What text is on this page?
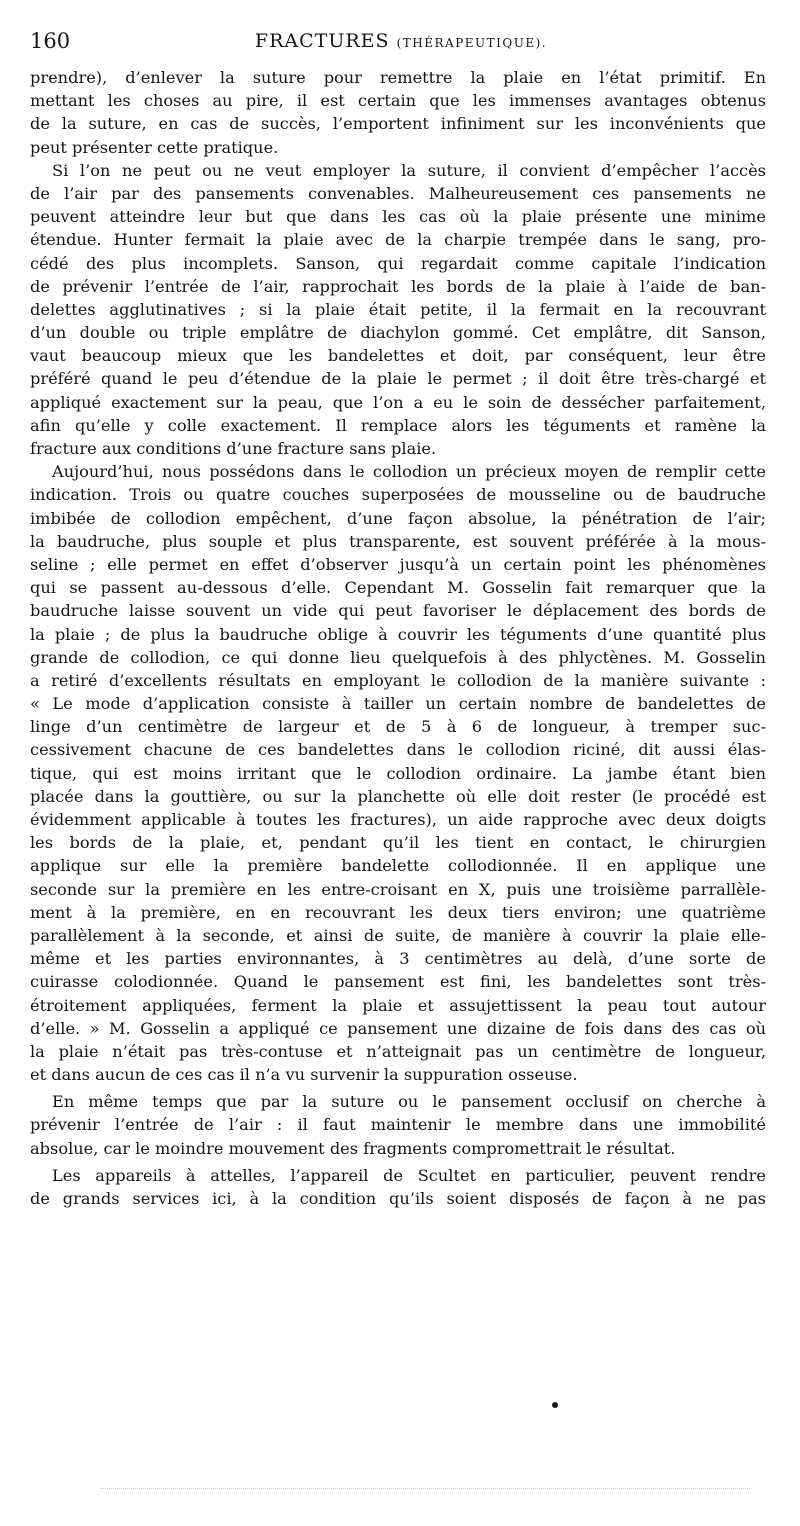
160	FRACTURES (THÉRAPEUTIQUE).
prendre), d’enlever la suture pour remettre la plaie en l’état primitif. En
mettant les choses au pire, il est certain que les immenses avantages obtenus
de la suture, en cas de succès, l’emportent infiniment sur les inconvénients que
peut présenter cette pratique.
Si l’on ne peut ou ne veut employer la suture, il convient d’empêcher l’accès
de l’air par des pansements convenables. Malheureusement ces pansements ne
peuvent atteindre leur but que dans les cas où la plaie présente une minime
étendue. Hunter fermait la plaie avec de la charpie trempée dans le sang, pro-
cédé des plus incomplets. Sanson, qui regardait comme capitale l’indication
de prévenir l’entrée de l’air, rapprochait les bords de la plaie à l’aide de ban-
delettes agglutinatives ; si la plaie était petite, il la fermait en la recouvrant
d’un double ou triple emplâtre de diachylon gommé. Cet emplâtre, dit Sanson,
vaut beaucoup mieux que les bandelettes et doit, par conséquent, leur être
préféré quand le peu d’étendue de la plaie le permet ; il doit être très-chargé et
appliqué exactement sur la peau, que l’on a eu le soin de dessécher parfaitement,
afin qu’elle y colle exactement. Il remplace alors les téguments et ramène la
fracture aux conditions d’une fracture sans plaie.
Aujourd’hui, nous possédons dans le collodion un précieux moyen de remplir cette
indication. Trois ou quatre couches superposées de mousseline ou de baudruche
imbibée de collodion empêchent, d’une façon absolue, la pénétration de l’air;
la baudruche, plus souple et plus transparente, est souvent préférée à la mous-
seline ; elle permet en effet d’observer jusqu’à un certain point les phénomènes
qui se passent au-dessous d’elle. Cependant M. Gosselin fait remarquer que la
baudruche laisse souvent un vide qui peut favoriser le déplacement des bords de
la plaie ; de plus la baudruche oblige à couvrir les téguments d’une quantité plus
grande de collodion, ce qui donne lieu quelquefois à des phlyctènes. M. Gosselin
a retiré d’excellents résultats en employant le collodion de la manière suivante :
« Le mode d’application consiste à tailler un certain nombre de bandelettes de
linge d’un centimètre de largeur et de 5 à 6 de longueur, à tremper suc-
cessivement chacune de ces bandelettes dans le collodion riciné, dit aussi élas-
tique, qui est moins irritant que le collodion ordinaire. La jambe étant bien
placée dans la gouttière, ou sur la planchette où elle doit rester (le procédé est
évidemment applicable à toutes les fractures), un aide rapproche avec deux doigts
les bords de la plaie, et, pendant qu’il les tient en contact, le chirurgien
applique sur elle la première bandelette collodionnée. Il en applique une
seconde sur la première en les entre-croisant en X, puis une troisième parrallèle-
ment à la première, en en recouvrant les deux tiers environ; une quatrième
parallèlement à la seconde, et ainsi de suite, de manière à couvrir la plaie elle-
même et les parties environnantes, à 3 centimètres au delà, d’une sorte de
cuirasse colodionnée. Quand le pansement est fini, les bandelettes sont très-
étroitement appliquées, ferment la plaie et assujettissent la peau tout autour
d’elle. » M. Gosselin a appliqué ce pansement une dizaine de fois dans des cas où
la plaie n’était pas très-contuse et n’atteignait pas un centimètre de longueur,
et dans aucun de ces cas il n’a vu survenir la suppuration osseuse.
En même temps que par la suture ou le pansement occlusif on cherche à
prévenir l’entrée de l’air : il faut maintenir le membre dans une immobilité
absolue, car le moindre mouvement des fragments compromettrait le résultat.
Les appareils à attelles, l’appareil de Scultet en particulier, peuvent rendre
de grands services ici, à la condition qu’ils soient disposés de façon à ne pas
